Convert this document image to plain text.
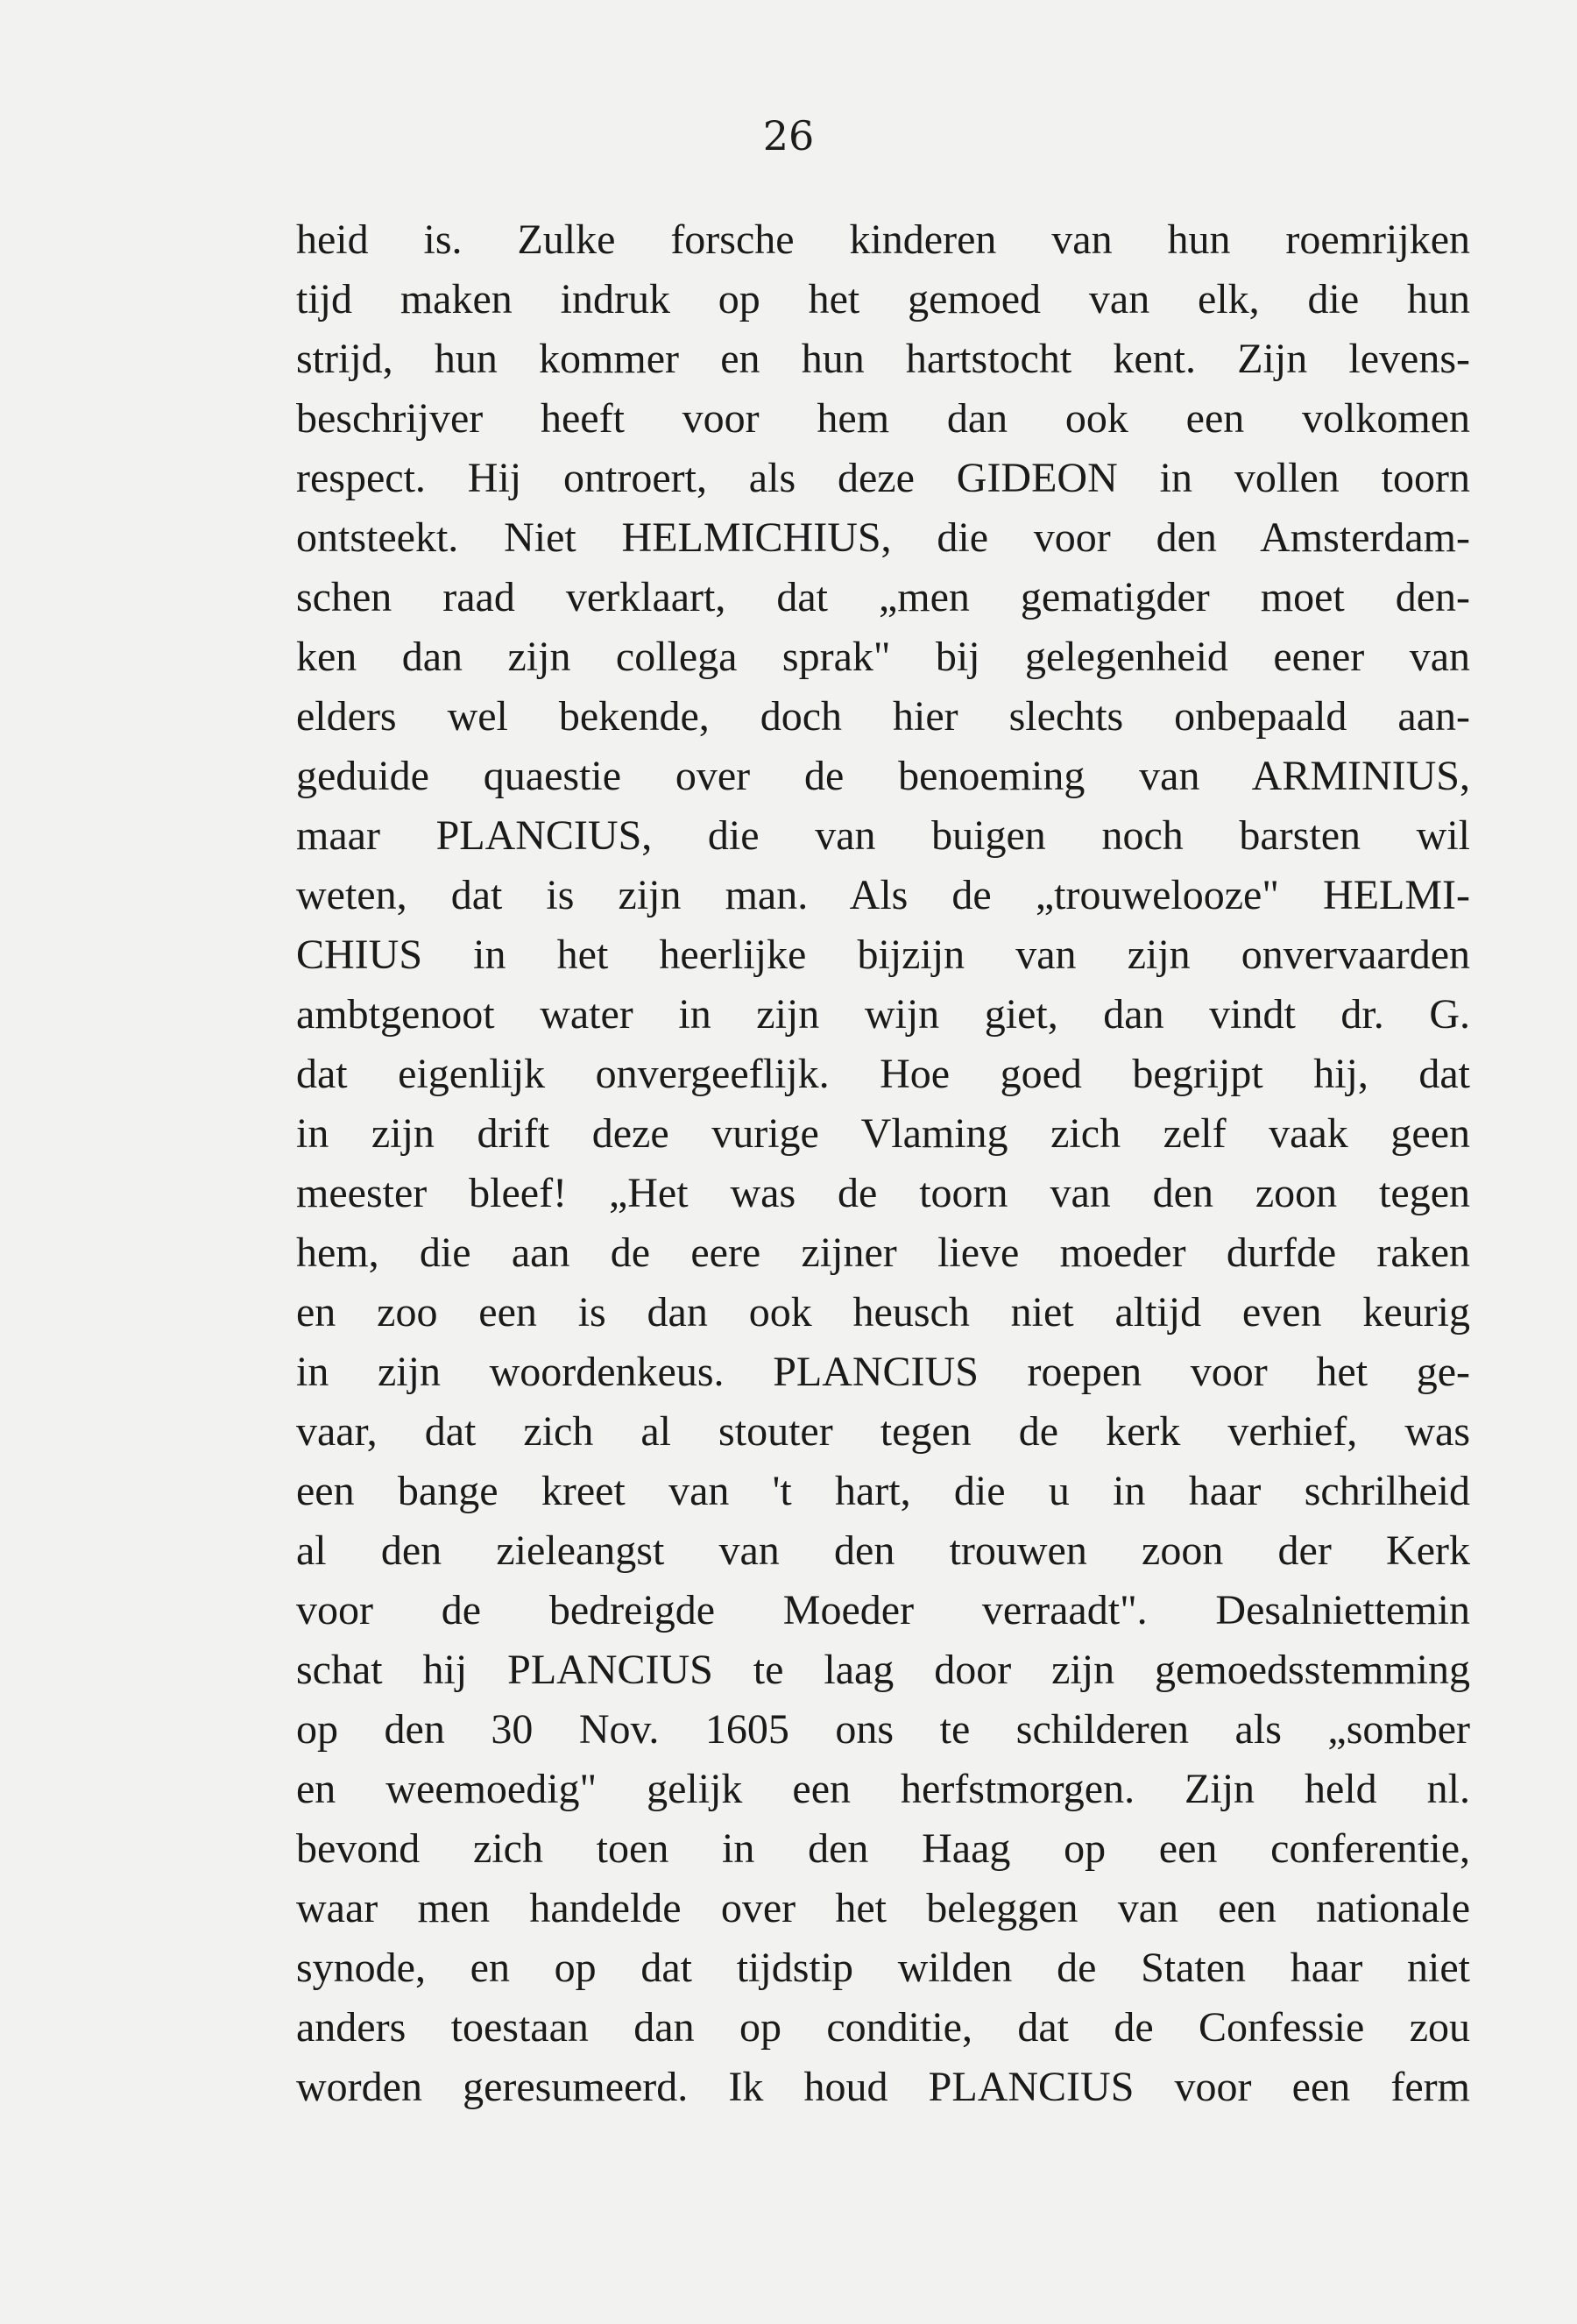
26
heid is. Zulke forsche kinderen van hun roemrijken
tijd maken indruk op het gemoed van elk, die hun
strijd, hun kommer en hun hartstocht kent. Zijn levens-
beschrijver heeft voor hem dan ook een volkomen
respect. Hij ontroert, als deze GIDEON in vollen toorn
ontsteekt. Niet HELMICHIUS, die voor den Amsterdam-
schen raad verklaart, dat „men gematigder moet den-
ken dan zijn collega sprak" bij gelegenheid eener van
elders wel bekende, doch hier slechts onbepaald aan-
geduide quaestie over de benoeming van ARMINIUS,
maar PLANCIUS, die van buigen noch barsten wil
weten, dat is zijn man. Als de „trouwelooze" HELMI-
CHIUS in het heerlijke bijzijn van zijn onvervaarden
ambtgenoot water in zijn wijn giet, dan vindt dr. G.
dat eigenlijk onvergeeflijk. Hoe goed begrijpt hij, dat
in zijn drift deze vurige Vlaming zich zelf vaak geen
meester bleef! „Het was de toorn van den zoon tegen
hem, die aan de eere zijner lieve moeder durfde raken
en zoo een is dan ook heusch niet altijd even keurig
in zijn woordenkeus. PLANCIUS roepen voor het ge-
vaar, dat zich al stouter tegen de kerk verhief, was
een bange kreet van 't hart, die u in haar schrilheid
al den zieleangst van den trouwen zoon der Kerk
voor de bedreigde Moeder verraadt". Desalniettemin
schat hij PLANCIUS te laag door zijn gemoedsstemming
op den 30 Nov. 1605 ons te schilderen als „somber
en weemoedig" gelijk een herfstmorgen. Zijn held nl.
bevond zich toen in den Haag op een conferentie,
waar men handelde over het beleggen van een nationale
synode, en op dat tijdstip wilden de Staten haar niet
anders toestaan dan op conditie, dat de Confessie zou
worden geresumeerd. Ik houd PLANCIUS voor een ferm
